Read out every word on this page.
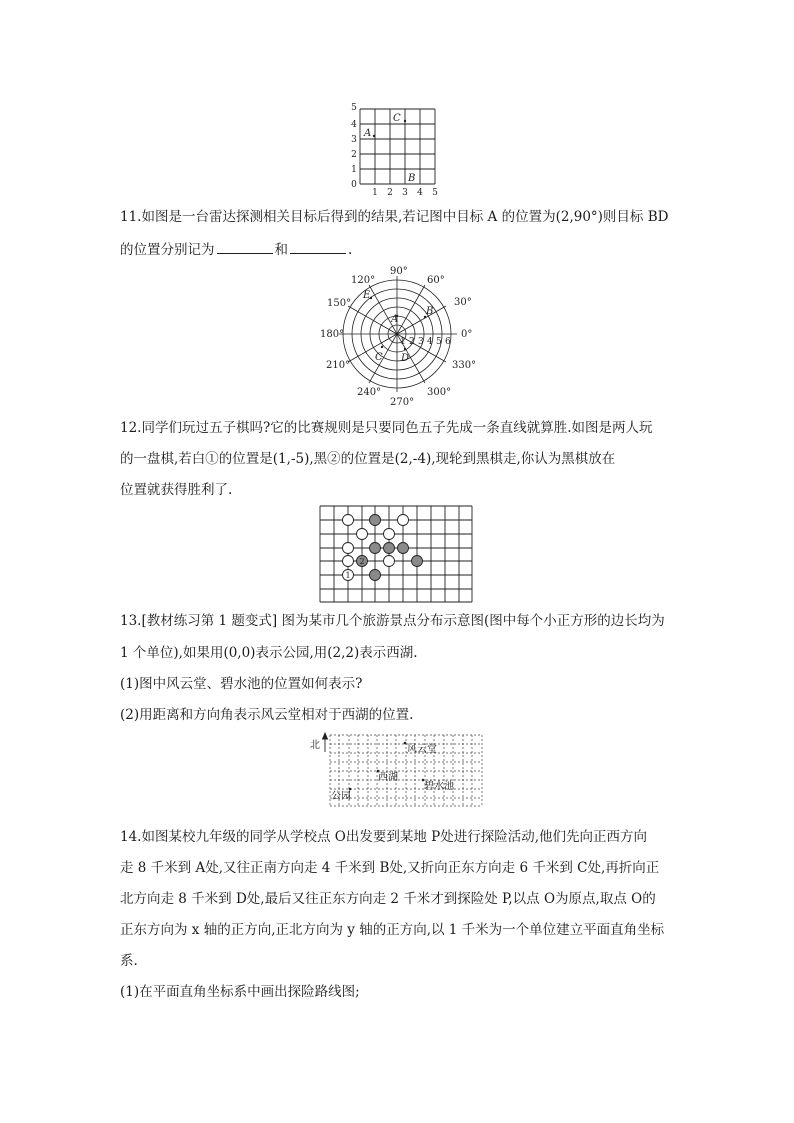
0
1
2
3
4
5
1 2 3 4 5
A
C
B
11.如图是一台雷达探测相关目标后得到的结果,若记图中目标 A 的位置为(2,90°)则目标 BD
的位置分别记为	和	.
0°
30°
60°
90°
120°
150°
180°
210°
240°
270°
300°
330°
1 2 3 4 5 6
A
B
C D
E
12.同学们玩过五子棋吗?它的比赛规则是只要同色五子先成一条直线就算胜.如图是两人玩
的一盘棋,若白①的位置是(1,-5),黑②的位置是(2,-4),现轮到黑棋走,你认为黑棋放在
位置就获得胜利了.
1
2
13.[教材练习第 1 题变式] 图为某市几个旅游景点分布示意图(图中每个小正方形的边长均为
1 个单位),如果用(0,0)表示公园,用(2,2)表示西湖.
(1)图中风云堂、碧水池的位置如何表示?
(2)用距离和方向角表示风云堂相对于西湖的位置.
北	风云堂
西湖
碧水池
公园
14.如图某校九年级的同学从学校点 O出发要到某地 P处进行探险活动,他们先向正西方向
走 8 千米到 A处,又往正南方向走 4 千米到 B处,又折向正东方向走 6 千米到 C处,再折向正
北方向走 8 千米到 D处,最后又往正东方向走 2 千米才到探险处 P,以点 O为原点,取点 O的
正东方向为 x 轴的正方向,正北方向为 y 轴的正方向,以 1 千米为一个单位建立平面直角坐标
系.
(1)在平面直角坐标系中画出探险路线图;
